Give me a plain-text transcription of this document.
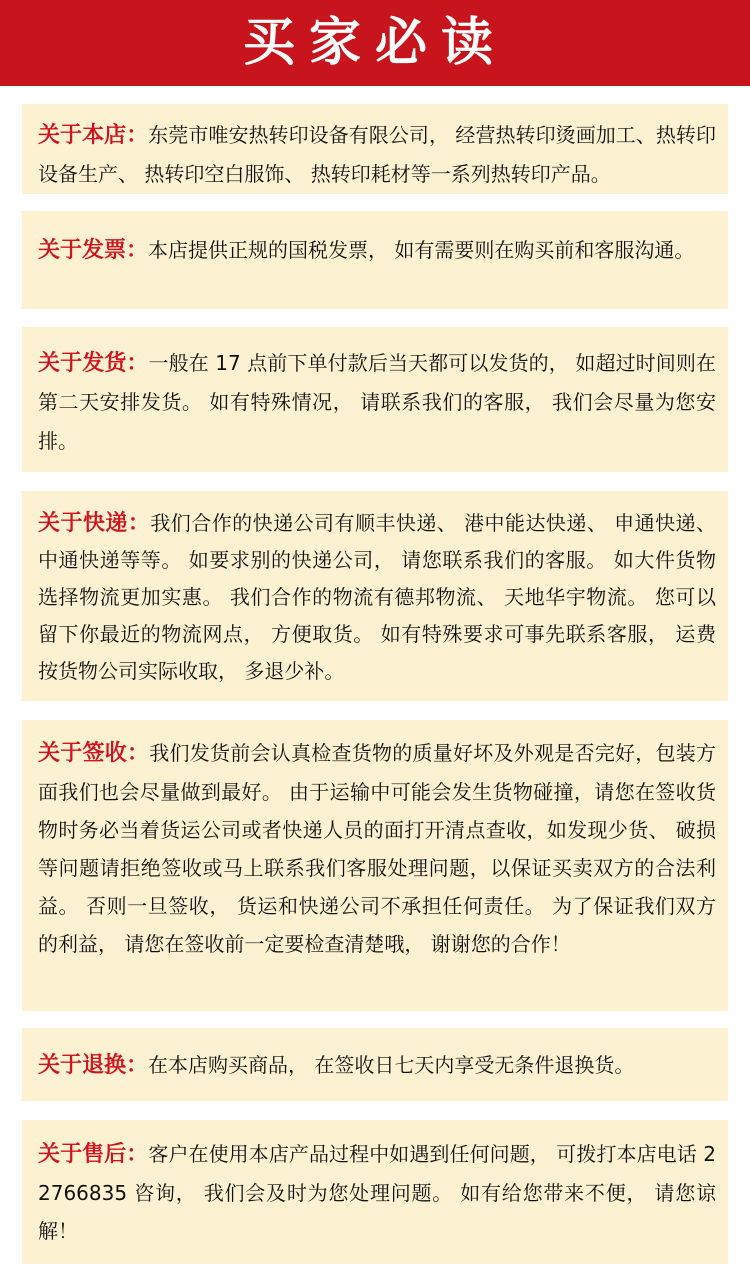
买家必读
关于本店：东莞市唯安热转印设备有限公司， 经营热转印烫画加工、热转印设备生产、 热转印空白服饰、 热转印耗材等一系列热转印产品。
关于发票：本店提供正规的国税发票， 如有需要则在购买前和客服沟通。
关于发货：一般在 17 点前下单付款后当天都可以发货的， 如超过时间则在第二天安排发货。 如有特殊情况， 请联系我们的客服， 我们会尽量为您安排。
关于快递：我们合作的快递公司有顺丰快递、 港中能达快递、 申通快递、 中通快递等等。 如要求别的快递公司， 请您联系我们的客服。 如大件货物选择物流更加实惠。 我们合作的物流有德邦物流、 天地华宇物流。 您可以留下你最近的物流网点， 方便取货。 如有特殊要求可事先联系客服， 运费按货物公司实际收取， 多退少补。
关于签收：我们发货前会认真检查货物的质量好坏及外观是否完好，包装方面我们也会尽量做到最好。 由于运输中可能会发生货物碰撞，请您在签收货物时务必当着货运公司或者快递人员的面打开清点查收，如发现少货、 破损等问题请拒绝签收或马上联系我们客服处理问题，以保证买卖双方的合法利益。 否则一旦签收， 货运和快递公司不承担任何责任。 为了保证我们双方的利益， 请您在签收前一定要检查清楚哦， 谢谢您的合作！
关于退换：在本店购买商品， 在签收日七天内享受无条件退换货。
关于售后：客户在使用本店产品过程中如遇到任何问题， 可拨打本店电话 22766835 咨询， 我们会及时为您处理问题。 如有给您带来不便， 请您谅解！
